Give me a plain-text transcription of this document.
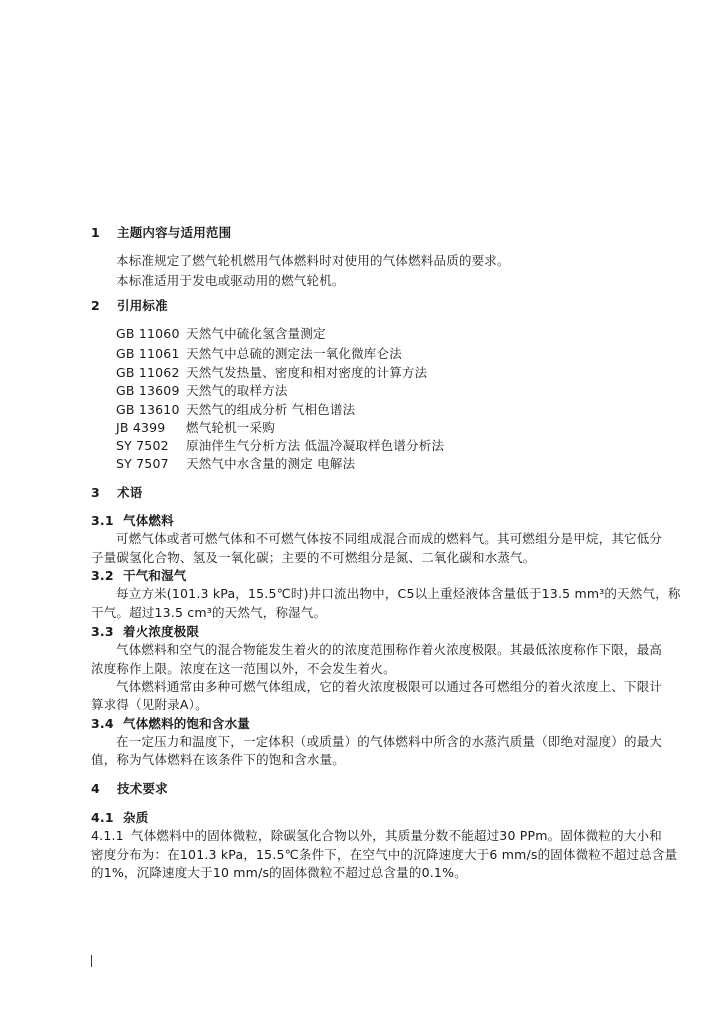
1 主题内容与适用范围
本标准规定了燃气轮机燃用气体燃料时对使用的气体燃料品质的要求。
本标准适用于发电或驱动用的燃气轮机。
2 引用标准
GB 11060 天然气中硫化氢含量测定
GB 11061 天然气中总硫的测定法一氧化微库仑法
GB 11062 天然气发热量、密度和相对密度的计算方法
GB 13609 天然气的取样方法
GB 13610 天然气的组成分析 气相色谱法
JB 4399 燃气轮机一采购
SY 7502 原油伴生气分析方法 低温冷凝取样色谱分析法
SY 7507 天然气中水含量的测定 电解法
3 术语
3.1 气体燃料
可燃气体或者可燃气体和不可燃气体按不同组成混合而成的燃料气。其可燃组分是甲烷，其它低分
子量碳氢化合物、氢及一氧化碳；主要的不可燃组分是氮、二氧化碳和水蒸气。
3.2 干气和湿气
每立方米(101.3 kPa，15.5℃时)井口流出物中，C5以上重烃液体含量低于13.5 mm³的天然气，称
干气。超过13.5 cm³的天然气，称湿气。
3.3 着火浓度极限
气体燃料和空气的混合物能发生着火的的浓度范围称作着火浓度极限。其最低浓度称作下限，最高
浓度称作上限。浓度在这一范围以外，不会发生着火。
气体燃料通常由多种可燃气体组成，它的着火浓度极限可以通过各可燃组分的着火浓度上、下限计
算求得（见附录A）。
3.4 气体燃料的饱和含水量
在一定压力和温度下，一定体积（或质量）的气体燃料中所含的水蒸汽质量（即绝对湿度）的最大
值，称为气体燃料在该条件下的饱和含水量。
4 技术要求
4.1 杂质
4.1.1 气体燃料中的固体微粒，除碳氢化合物以外，其质量分数不能超过30 PPm。固体微粒的大小和
密度分布为：在101.3 kPa，15.5℃条件下，在空气中的沉降速度大于6 mm/s的固体微粒不超过总含量
的1%，沉降速度大于10 mm/s的固体微粒不超过总含量的0.1%。
